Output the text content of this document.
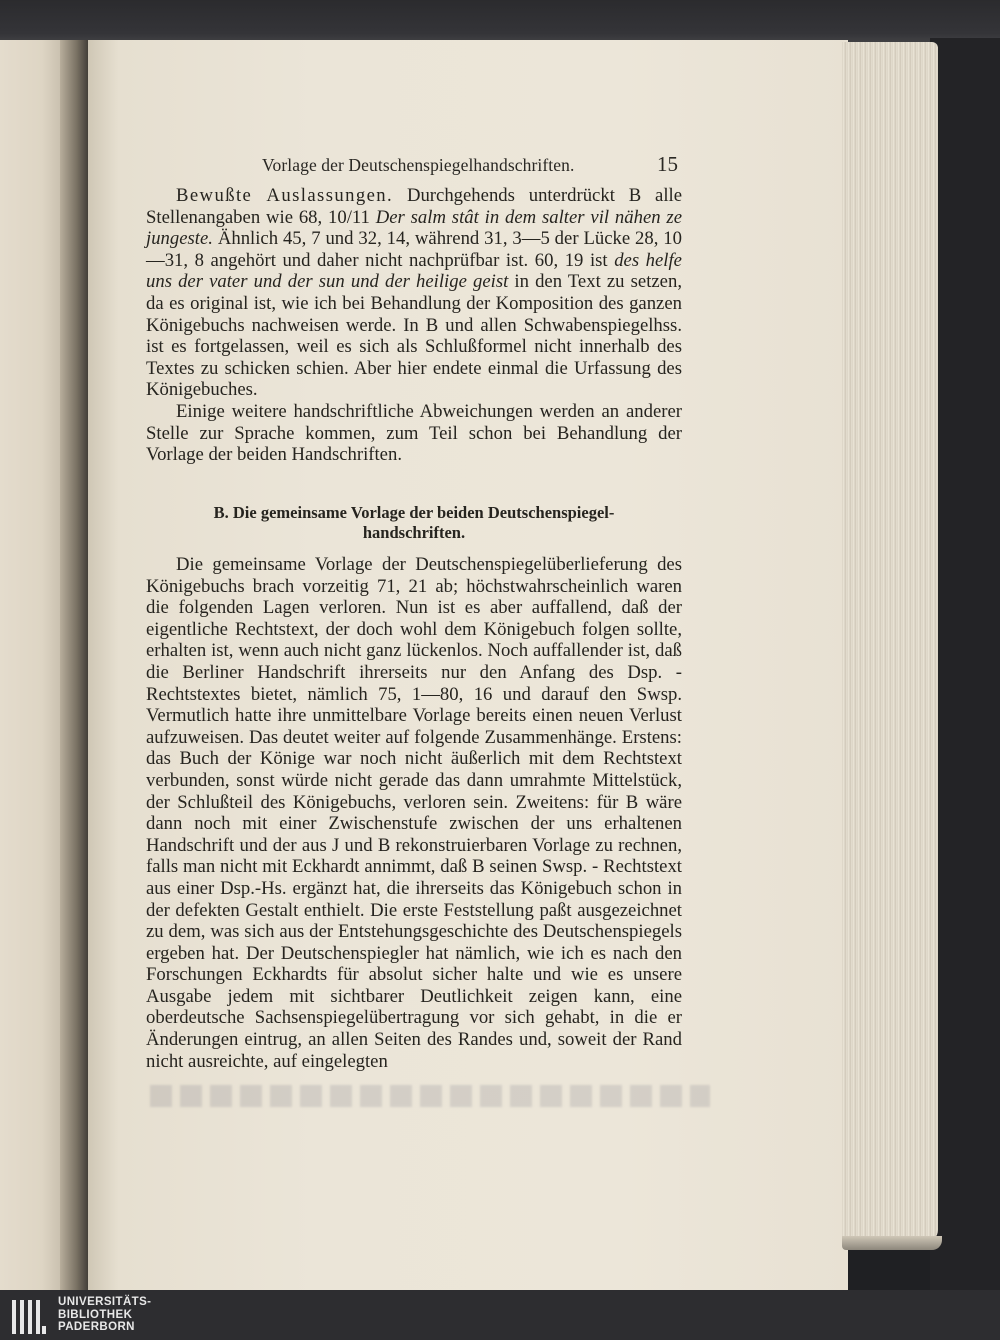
Vorlage der Deutschenspiegelhandschriften.	15

Bewußte Auslassungen. Durchgehends unterdrückt B alle Stellenangaben wie 68, 10/11 Der salm stât in dem salter vil nähen ze jungeste. Ähnlich 45, 7 und 32, 14, während 31, 3—5 der Lücke 28, 10—31, 8 angehört und daher nicht nachprüfbar ist. 60, 19 ist des helfe uns der vater und der sun und der heilige geist in den Text zu setzen, da es original ist, wie ich bei Behandlung der Komposition des ganzen Königebuchs nachweisen werde. In B und allen Schwabenspiegelhss. ist es fortgelassen, weil es sich als Schlußformel nicht innerhalb des Textes zu schicken schien. Aber hier endete einmal die Urfassung des Königebuches.

Einige weitere handschriftliche Abweichungen werden an anderer Stelle zur Sprache kommen, zum Teil schon bei Behandlung der Vorlage der beiden Handschriften.

B. Die gemeinsame Vorlage der beiden Deutschenspiegel-
handschriften.

Die gemeinsame Vorlage der Deutschenspiegelüberlieferung des Königebuchs brach vorzeitig 71, 21 ab; höchstwahrscheinlich waren die folgenden Lagen verloren. Nun ist es aber auffallend, daß der eigentliche Rechtstext, der doch wohl dem Königebuch folgen sollte, erhalten ist, wenn auch nicht ganz lückenlos. Noch auffallender ist, daß die Berliner Handschrift ihrerseits nur den Anfang des Dsp. - Rechtstextes bietet, nämlich 75, 1—80, 16 und darauf den Swsp. Vermutlich hatte ihre unmittelbare Vorlage bereits einen neuen Verlust aufzuweisen. Das deutet weiter auf folgende Zusammenhänge. Erstens: das Buch der Könige war noch nicht äußerlich mit dem Rechtstext verbunden, sonst würde nicht gerade das dann umrahmte Mittelstück, der Schlußteil des Königebuchs, verloren sein. Zweitens: für B wäre dann noch mit einer Zwischenstufe zwischen der uns erhaltenen Handschrift und der aus J und B rekonstruierbaren Vorlage zu rechnen, falls man nicht mit Eckhardt annimmt, daß B seinen Swsp. - Rechtstext aus einer Dsp.-Hs. ergänzt hat, die ihrerseits das Königebuch schon in der defekten Gestalt enthielt. Die erste Feststellung paßt ausgezeichnet zu dem, was sich aus der Entstehungsgeschichte des Deutschenspiegels ergeben hat. Der Deutschenspiegler hat nämlich, wie ich es nach den Forschungen Eckhardts für absolut sicher halte und wie es unsere Ausgabe jedem mit sichtbarer Deutlichkeit zeigen kann, eine oberdeutsche Sachsenspiegelübertragung vor sich gehabt, in die er Änderungen eintrug, an allen Seiten des Randes und, soweit der Rand nicht ausreichte, auf eingelegten

UNIVERSITÄTS-
BIBLIOTHEK
PADERBORN
